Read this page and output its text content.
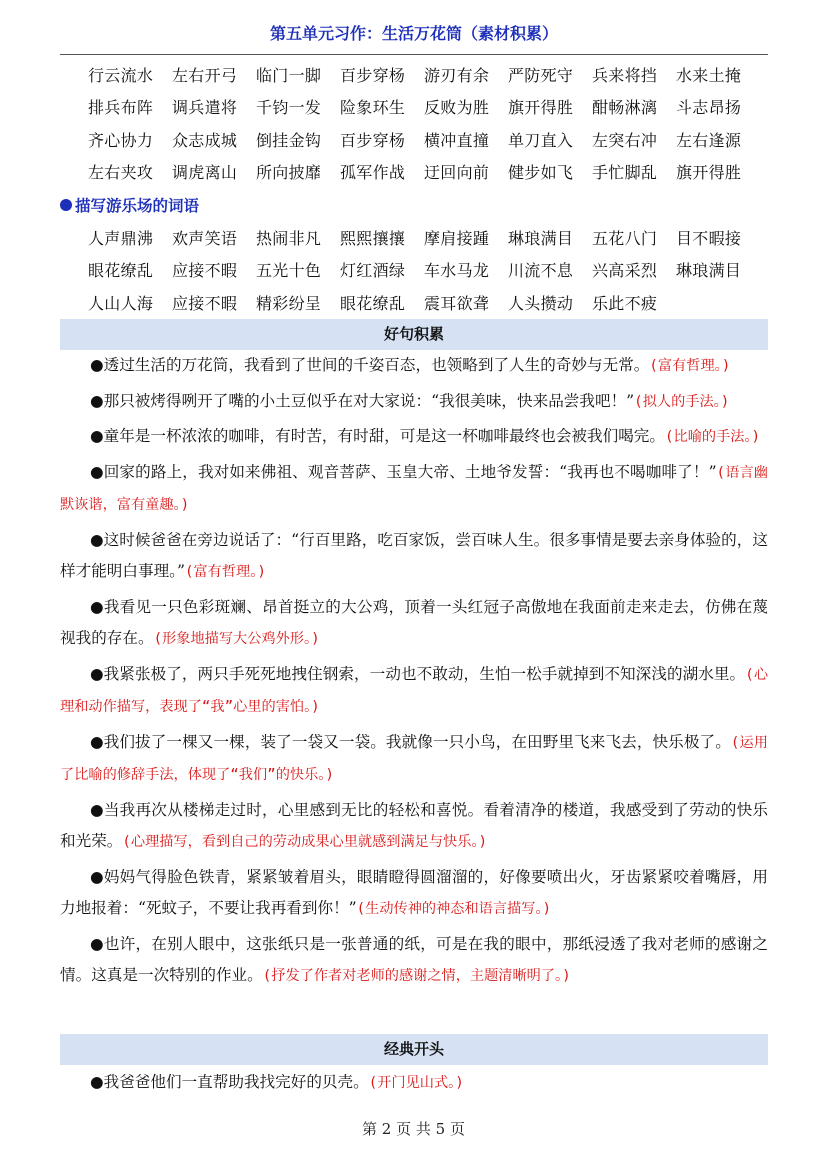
第五单元习作：生活万花筒（素材积累）
行云流水	左右开弓	临门一脚	百步穿杨	游刃有余	严防死守	兵来将挡	水来土掩
排兵布阵	调兵遣将	千钧一发	险象环生	反败为胜	旗开得胜	酣畅淋漓	斗志昂扬
齐心协力	众志成城	倒挂金钩	百步穿杨	横冲直撞	单刀直入	左突右冲	左右逢源
左右夹攻	调虎离山	所向披靡	孤军作战	迂回向前	健步如飞	手忙脚乱	旗开得胜
描写游乐场的词语
人声鼎沸	欢声笑语	热闹非凡	熙熙攘攘	摩肩接踵	琳琅满目	五花八门	目不暇接
眼花缭乱	应接不暇	五光十色	灯红酒绿	车水马龙	川流不息	兴高采烈	琳琅满目
人山人海	应接不暇	精彩纷呈	眼花缭乱	震耳欲聋	人头攒动	乐此不疲
好句积累

●透过生活的万花筒，我看到了世间的千姿百态，也领略到了人生的奇妙与无常。(富有哲理。)

●那只被烤得咧开了嘴的小土豆似乎在对大家说：“我很美味，快来品尝我吧！”(拟人的手法。)

●童年是一杯浓浓的咖啡，有时苦，有时甜，可是这一杯咖啡最终也会被我们喝完。(比喻的手法。)

●回家的路上，我对如来佛祖、观音菩萨、玉皇大帝、土地爷发誓：“我再也不喝咖啡了！”(语言幽默诙谐，富有童趣。)

●这时候爸爸在旁边说话了：“行百里路，吃百家饭，尝百味人生。很多事情是要去亲身体验的，这样才能明白事理。”(富有哲理。)

●我看见一只色彩斑斓、昂首挺立的大公鸡，顶着一头红冠子高傲地在我面前走来走去，仿佛在蔑视我的存在。(形象地描写大公鸡外形。)

●我紧张极了，两只手死死地拽住钢索，一动也不敢动，生怕一松手就掉到不知深浅的湖水里。(心理和动作描写，表现了“我”心里的害怕。)

●我们拔了一棵又一棵，装了一袋又一袋。我就像一只小鸟，在田野里飞来飞去，快乐极了。(运用了比喻的修辞手法，体现了“我们”的快乐。)

●当我再次从楼梯走过时，心里感到无比的轻松和喜悦。看着清净的楼道，我感受到了劳动的快乐和光荣。(心理描写，看到自己的劳动成果心里就感到满足与快乐。)

●妈妈气得脸色铁青，紧紧皱着眉头，眼睛瞪得圆溜溜的，好像要喷出火，牙齿紧紧咬着嘴唇，用力地报着：“死蚊子，不要让我再看到你！”(生动传神的神态和语言描写。)

●也许，在别人眼中，这张纸只是一张普通的纸，可是在我的眼中，那纸浸透了我对老师的感谢之情。这真是一次特别的作业。(抒发了作者对老师的感谢之情，主题清晰明了。)

经典开头

●我爸爸他们一直帮助我找完好的贝壳。(开门见山式。)

第 2 页 共 5 页
